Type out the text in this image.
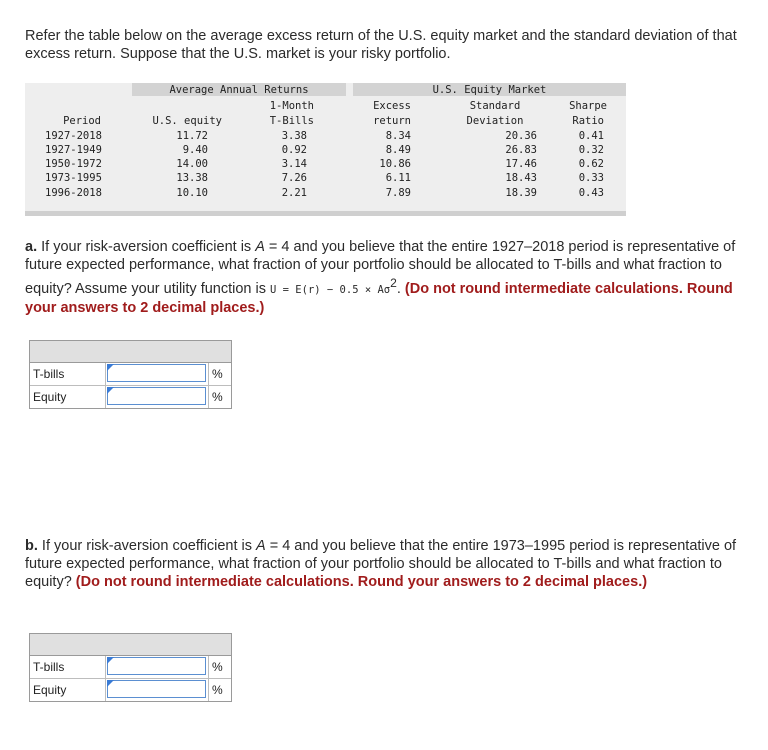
Refer the table below on the average excess return of the U.S. equity market and the standard deviation of that excess return. Suppose that the U.S. market is your risky portfolio.
Average Annual Returns	U.S. Equity Market
1-Month	Excess	Standard	Sharpe
Period	U.S. equity	T-Bills	return	Deviation	Ratio
1927-2018	11.72	3.38	8.34	20.36	0.41
1927-1949	9.40	0.92	8.49	26.83	0.32
1950-1972	14.00	3.14	10.86	17.46	0.62
1973-1995	13.38	7.26	6.11	18.43	0.33
1996-2018	10.10	2.21	7.89	18.39	0.43
a. If your risk-aversion coefficient is A = 4 and you believe that the entire 1927–2018 period is representative of future expected performance, what fraction of your portfolio should be allocated to T-bills and what fraction to equity? Assume your utility function is $U = E(r) - 0.5 \times A\sigma^2$. (Do not round intermediate calculations. Round your answers to 2 decimal places.)
T-bills	%
Equity	%
b. If your risk-aversion coefficient is A = 4 and you believe that the entire 1973–1995 period is representative of future expected performance, what fraction of your portfolio should be allocated to T-bills and what fraction to equity? (Do not round intermediate calculations. Round your answers to 2 decimal places.)
T-bills	%
Equity	%
